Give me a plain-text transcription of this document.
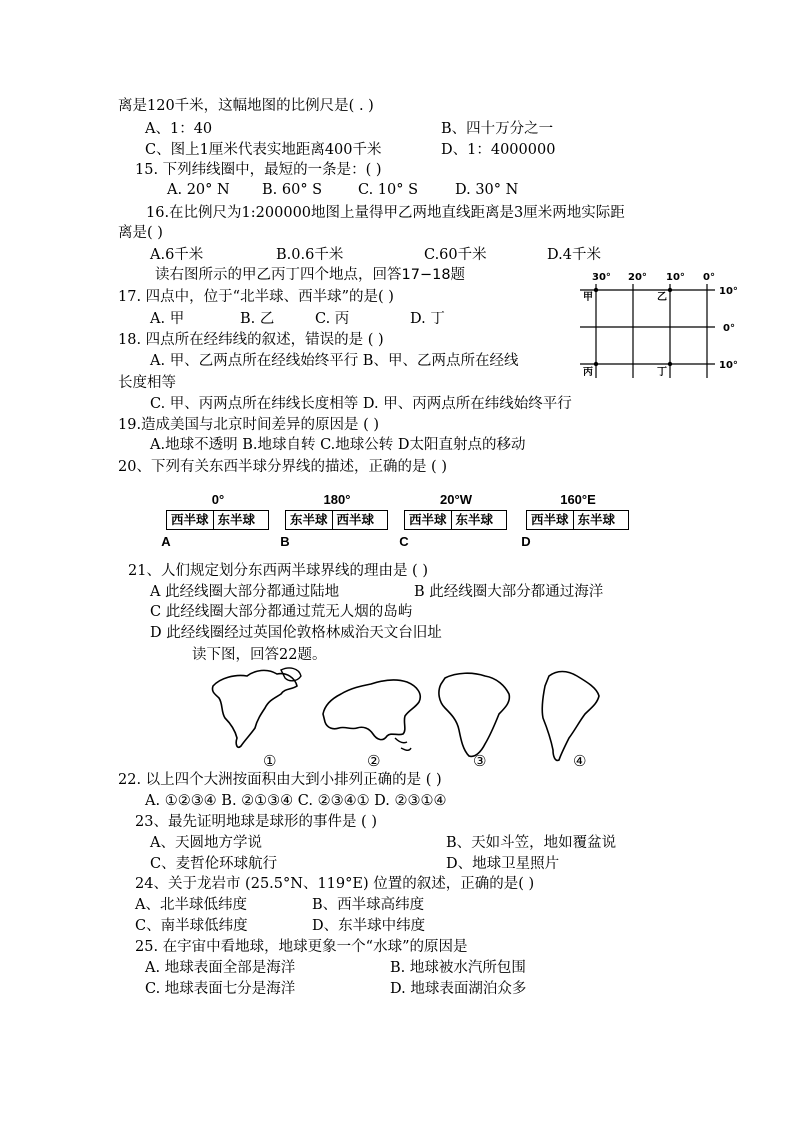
离是120千米，这幅地图的比例尺是( . )
A、1：40	B、四十万分之一
C、图上1厘米代表实地距离400千米	D、1：4000000
15. 下列纬线圈中，最短的一条是：( )
A. 20° N B. 60° S C. 10° S	D. 30° N
16.在比例尺为1:200000地图上量得甲乙两地直线距离是3厘米两地实际距
离是( )
A.6千米	B.0.6千米	C.60千米	D.4千米
读右图所示的甲乙丙丁四个地点，回答17−18题
17. 四点中，位于“北半球、西半球”的是( )
A. 甲	B. 乙	C. 丙	D. 丁
18. 四点所在经纬线的叙述，错误的是 ( )
A. 甲、乙两点所在经线始终平行 B、甲、乙两点所在经线
长度相等
C. 甲、丙两点所在纬线长度相等 D. 甲、丙两点所在纬线始终平行
19.造成美国与北京时间差异的原因是 ( )
A.地球不透明 B.地球自转 C.地球公转 D太阳直射点的移动
20、下列有关东西半球分界线的描述，正确的是 ( )
30° 20° 10° 0°
10°
0°
10°
甲	乙
丙	丁
0°
西半球 东半球
A
180°
东半球 西半球
B
20°W
西半球 东半球
C
160°E
西半球 东半球
D
21、人们规定划分东西两半球界线的理由是 ( )
A 此经线圈大部分都通过陆地	B 此经线圈大部分都通过海洋
C 此经线圈大部分都通过荒无人烟的岛屿
D 此经线圈经过英国伦敦格林威治天文台旧址
读下图，回答22题。
①	②	③	④
22. 以上四个大洲按面积由大到小排列正确的是 ( )
A. ①②③④ B. ②①③④ C. ②③④① D. ②③①④
23、最先证明地球是球形的事件是 ( )
A、天圆地方学说	B、天如斗笠，地如覆盆说
C、麦哲伦环球航行	D、地球卫星照片
24、关于龙岩市 (25.5°N、119°E) 位置的叙述，正确的是( )
A、北半球低纬度	B、西半球高纬度
C、南半球低纬度	D、东半球中纬度
25. 在宇宙中看地球，地球更象一个“水球”的原因是
A. 地球表面全部是海洋	B. 地球被水汽所包围
C. 地球表面七分是海洋	D. 地球表面湖泊众多
